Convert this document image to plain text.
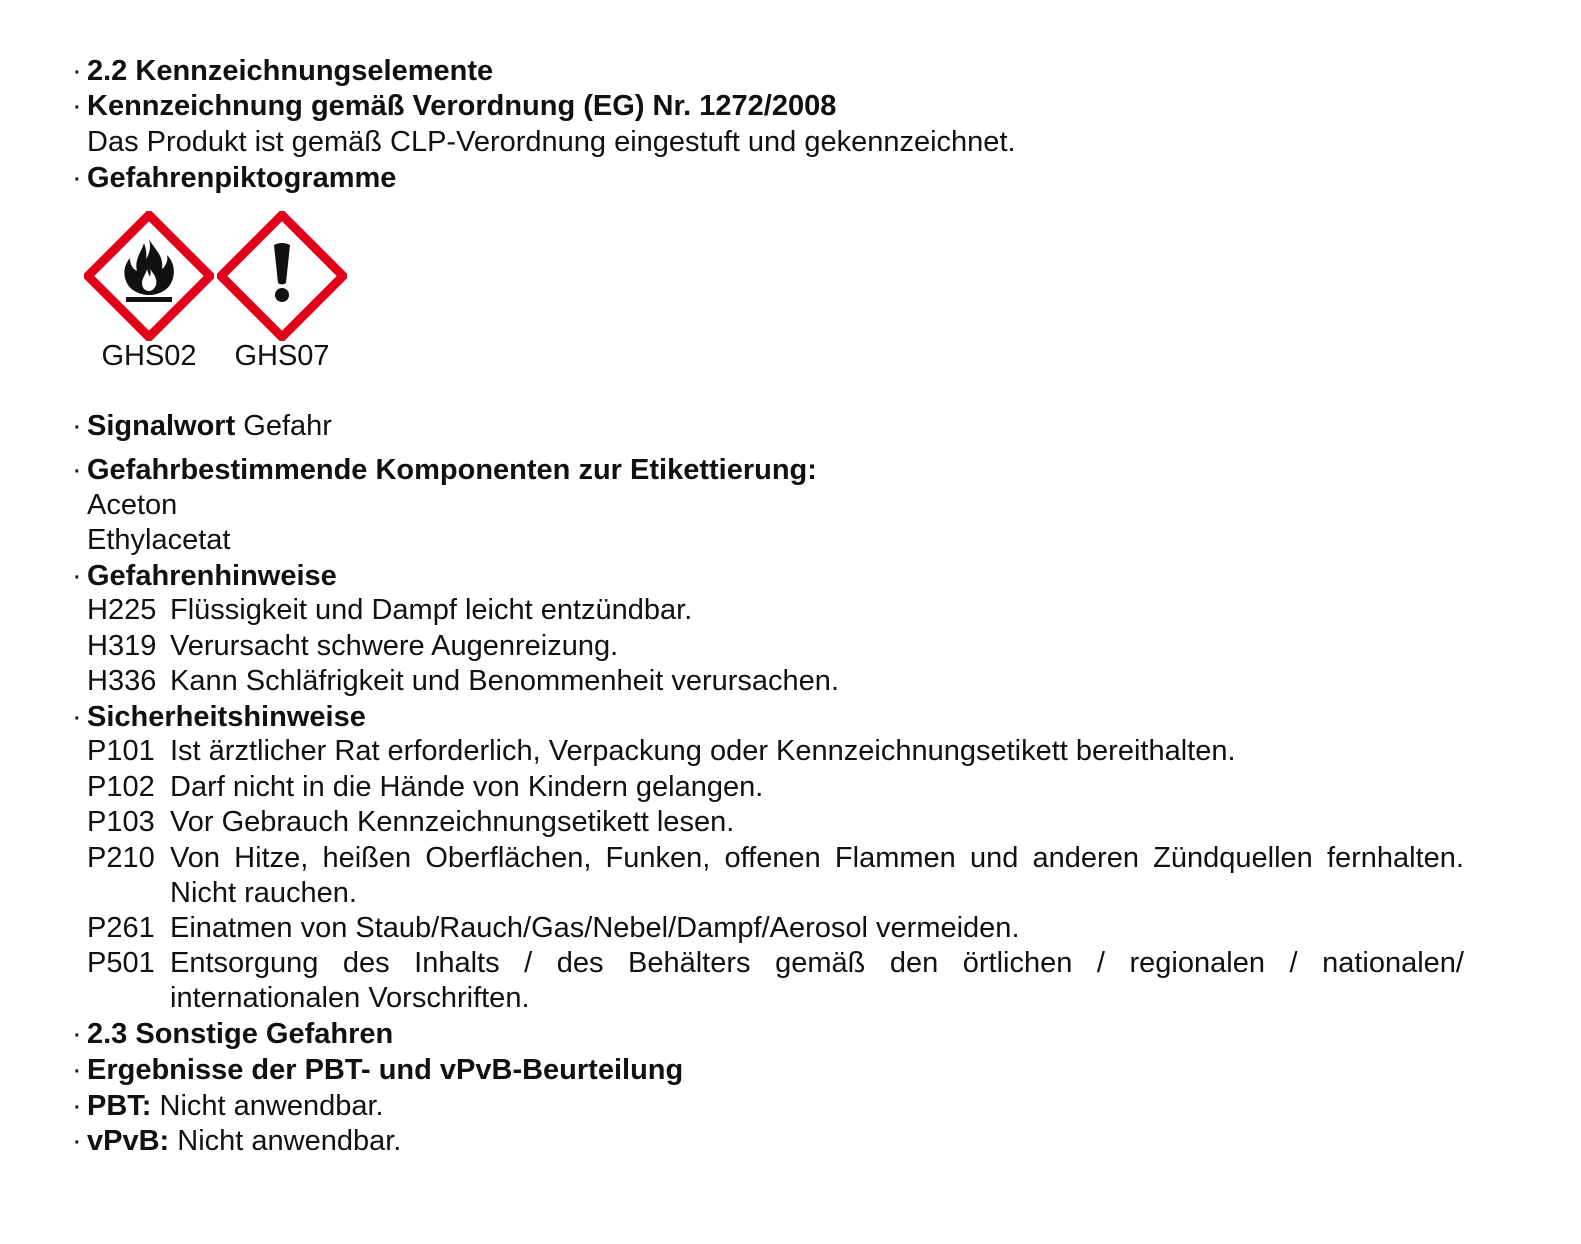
· 2.2 Kennzeichnungselemente
· Kennzeichnung gemäß Verordnung (EG) Nr. 1272/2008
Das Produkt ist gemäß CLP-Verordnung eingestuft und gekennzeichnet.
· Gefahrenpiktogramme
GHS02	GHS07
· Signalwort Gefahr
· Gefahrbestimmende Komponenten zur Etikettierung:
Aceton
Ethylacetat
· Gefahrenhinweise
H225 Flüssigkeit und Dampf leicht entzündbar.
H319 Verursacht schwere Augenreizung.
H336 Kann Schläfrigkeit und Benommenheit verursachen.
· Sicherheitshinweise
P101 Ist ärztlicher Rat erforderlich, Verpackung oder Kennzeichnungsetikett bereithalten.
P102 Darf nicht in die Hände von Kindern gelangen.
P103 Vor Gebrauch Kennzeichnungsetikett lesen.
P210 Von Hitze, heißen Oberflächen, Funken, offenen Flammen und anderen Zündquellen fernhalten. Nicht rauchen.
P261 Einatmen von Staub/Rauch/Gas/Nebel/Dampf/Aerosol vermeiden.
P501 Entsorgung des Inhalts / des Behälters gemäß den örtlichen / regionalen / nationalen/ internationalen Vorschriften.
· 2.3 Sonstige Gefahren
· Ergebnisse der PBT- und vPvB-Beurteilung
· PBT: Nicht anwendbar.
· vPvB: Nicht anwendbar.
